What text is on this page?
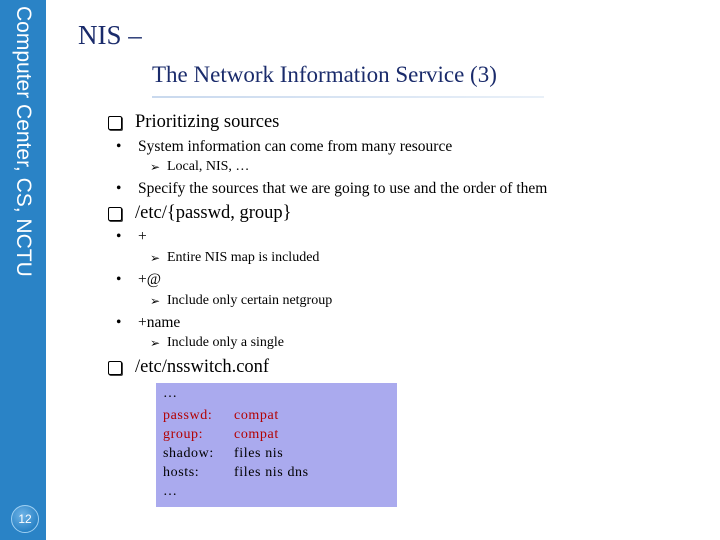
Computer Center, CS, NCTU
12
NIS –
The Network Information Service (3)
Prioritizing sources
•	System information can come from many resource
➢ Local, NIS, …
•	Specify the sources that we are going to use and the order of them
/etc/{passwd, group}
•	+
➢ Entire NIS map is included
•	+@
➢ Include only certain netgroup
•	+name
➢ Include only a single
/etc/nsswitch.conf
…
passwd: compat
group: compat
shadow: files nis
hosts: files nis dns
…
